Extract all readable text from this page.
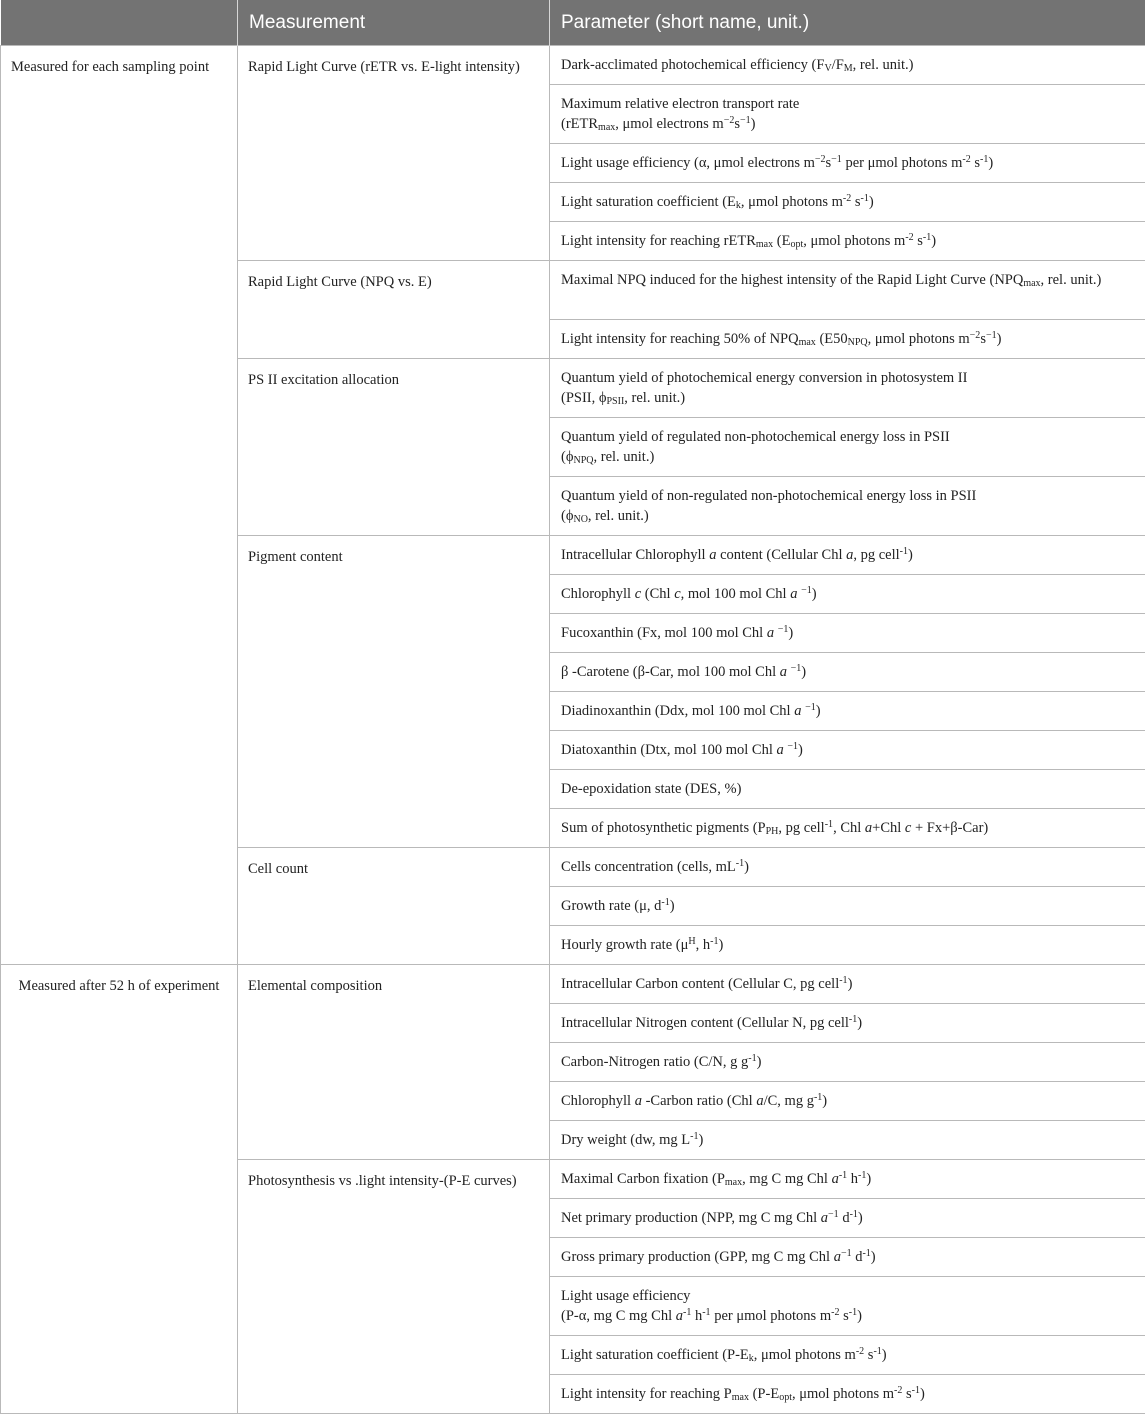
	Measurement	Parameter (short name, unit.)
Measured for each sampling point	Rapid Light Curve (rETR vs. E-light intensity)	Dark-acclimated photochemical efficiency ($F_V/F_M$, rel. unit.)
		Maximum relative electron transport rate
(rETR$_{max}$, μmol electrons $m^{-2}s^{-1}$)
		Light usage efficiency (α, μmol electrons $m^{-2}s^{-1}$ per μmol photons $m^{-2}$ $s^{-1}$)
		Light saturation coefficient ($E_k$, μmol photons $m^{-2}$ $s^{-1}$)
		Light intensity for reaching rETR$_{max}$ ($E_{opt}$, μmol photons $m^{-2}$ $s^{-1}$)
	Rapid Light Curve (NPQ vs. E)	Maximal NPQ induced for the highest intensity of the Rapid Light Curve ($NPQ_{max}$, rel. unit.)
		Light intensity for reaching 50% of $NPQ_{max}$ ($E50_{NPQ}$, μmol photons $m^{-2}s^{-1}$)
	PS II excitation allocation	Quantum yield of photochemical energy conversion in photosystem II
(PSII, $\phi_{PSII}$, rel. unit.)
		Quantum yield of regulated non-photochemical energy loss in PSII
($\phi_{NPQ}$, rel. unit.)
		Quantum yield of non-regulated non-photochemical energy loss in PSII
($\phi_{NO}$, rel. unit.)
	Pigment content	Intracellular Chlorophyll a content (Cellular Chl a, pg cell$^{-1}$)
		Chlorophyll c (Chl c, mol 100 mol Chl a $^{-1}$)
		Fucoxanthin (Fx, mol 100 mol Chl a $^{-1}$)
		β -Carotene (β-Car, mol 100 mol Chl a $^{-1}$)
		Diadinoxanthin (Ddx, mol 100 mol Chl a $^{-1}$)
		Diatoxanthin (Dtx, mol 100 mol Chl a $^{-1}$)
		De-epoxidation state (DES, %)
		Sum of photosynthetic pigments ($P_{PH}$, pg cell$^{-1}$, Chl a+Chl c + Fx+β-Car)
	Cell count	Cells concentration (cells, $mL^{-1}$)
		Growth rate (μ, $d^{-1}$)
		Hourly growth rate ($\mu^H$, $h^{-1}$)
Measured after 52 h of experiment	Elemental composition	Intracellular Carbon content (Cellular C, pg cell$^{-1}$)
		Intracellular Nitrogen content (Cellular N, pg cell$^{-1}$)
		Carbon-Nitrogen ratio (C/N, g $g^{-1}$)
		Chlorophyll a -Carbon ratio (Chl a/C, mg $g^{-1}$)
		Dry weight (dw, mg $L^{-1}$)
	Photosynthesis vs .light intensity-(P-E curves)	Maximal Carbon fixation ($P_{max}$, mg C mg Chl $a^{-1}$ $h^{-1}$)
		Net primary production (NPP, mg C mg Chl $a^{-1}$ $d^{-1}$)
		Gross primary production (GPP, mg C mg Chl $a^{-1}$ $d^{-1}$)
		Light usage efficiency
(P-α, mg C mg Chl $a^{-1}$ $h^{-1}$ per μmol photons $m^{-2}$ $s^{-1}$)
		Light saturation coefficient ($P-E_k$, μmol photons $m^{-2}$ $s^{-1}$)
		Light intensity for reaching $P_{max}$ ($P-E_{opt}$, μmol photons $m^{-2}$ $s^{-1}$)
